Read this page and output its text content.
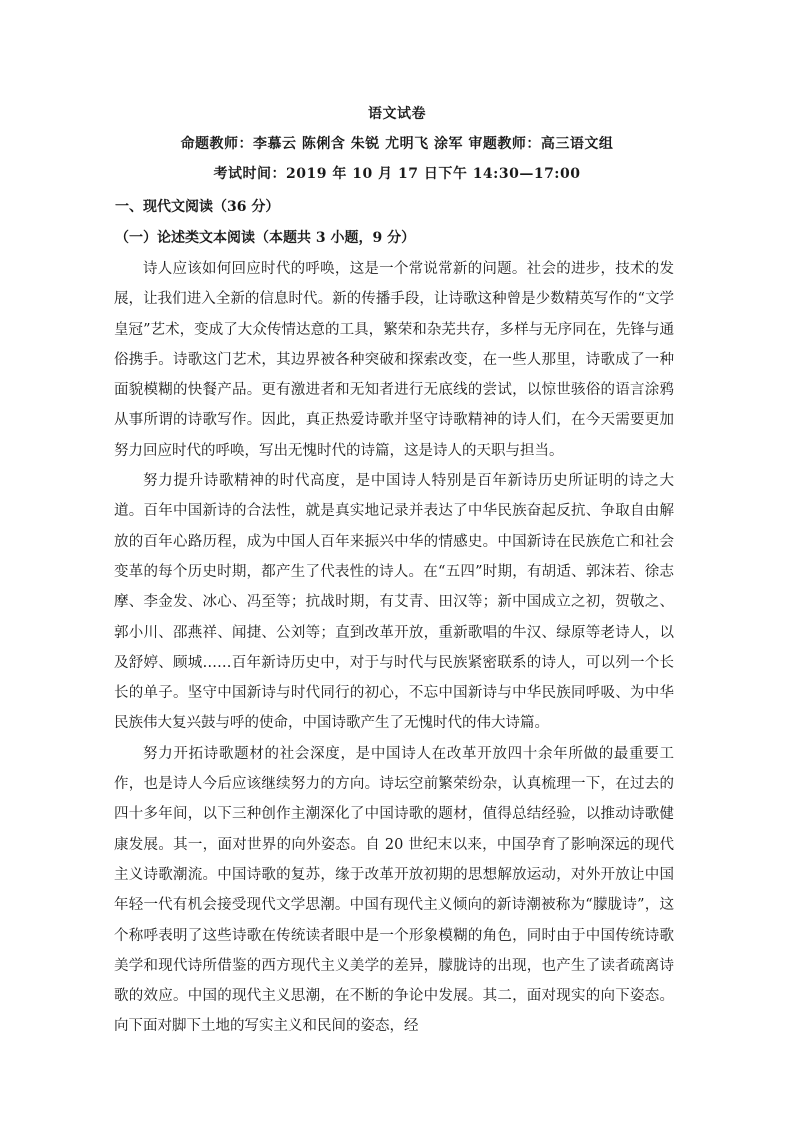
语文试卷
命题教师：李慕云 陈俐含 朱锐 尤明飞 涂军 审题教师：高三语文组
考试时间：2019 年 10 月 17 日下午 14:30—17:00
一、现代文阅读（36 分）
（一）论述类文本阅读（本题共 3 小题，9 分）

诗人应该如何回应时代的呼唤，这是一个常说常新的问题。社会的进步，技术的发展，让我们进入全新的信息时代。新的传播手段，让诗歌这种曾是少数精英写作的“文学皇冠”艺术，变成了大众传情达意的工具，繁荣和杂芜共存，多样与无序同在，先锋与通俗携手。诗歌这门艺术，其边界被各种突破和探索改变，在一些人那里，诗歌成了一种面貌模糊的快餐产品。更有激进者和无知者进行无底线的尝试，以惊世骇俗的语言涂鸦从事所谓的诗歌写作。因此，真正热爱诗歌并坚守诗歌精神的诗人们，在今天需要更加努力回应时代的呼唤，写出无愧时代的诗篇，这是诗人的天职与担当。

努力提升诗歌精神的时代高度，是中国诗人特别是百年新诗历史所证明的诗之大道。百年中国新诗的合法性，就是真实地记录并表达了中华民族奋起反抗、争取自由解放的百年心路历程，成为中国人百年来振兴中华的情感史。中国新诗在民族危亡和社会变革的每个历史时期，都产生了代表性的诗人。在“五四”时期，有胡适、郭沫若、徐志摩、李金发、冰心、冯至等；抗战时期，有艾青、田汉等；新中国成立之初，贺敬之、郭小川、邵燕祥、闻捷、公刘等；直到改革开放，重新歌唱的牛汉、绿原等老诗人，以及舒婷、顾城……百年新诗历史中，对于与时代与民族紧密联系的诗人，可以列一个长长的单子。坚守中国新诗与时代同行的初心，不忘中国新诗与中华民族同呼吸、为中华民族伟大复兴鼓与呼的使命，中国诗歌产生了无愧时代的伟大诗篇。

努力开拓诗歌题材的社会深度，是中国诗人在改革开放四十余年所做的最重要工作，也是诗人今后应该继续努力的方向。诗坛空前繁荣纷杂，认真梳理一下，在过去的四十多年间，以下三种创作主潮深化了中国诗歌的题材，值得总结经验，以推动诗歌健康发展。其一，面对世界的向外姿态。自 20 世纪末以来，中国孕育了影响深远的现代主义诗歌潮流。中国诗歌的复苏，缘于改革开放初期的思想解放运动，对外开放让中国年轻一代有机会接受现代文学思潮。中国有现代主义倾向的新诗潮被称为“朦胧诗”，这个称呼表明了这些诗歌在传统读者眼中是一个形象模糊的角色，同时由于中国传统诗歌美学和现代诗所借鉴的西方现代主义美学的差异，朦胧诗的出现，也产生了读者疏离诗歌的效应。中国的现代主义思潮，在不断的争论中发展。其二，面对现实的向下姿态。向下面对脚下土地的写实主义和民间的姿态，经
